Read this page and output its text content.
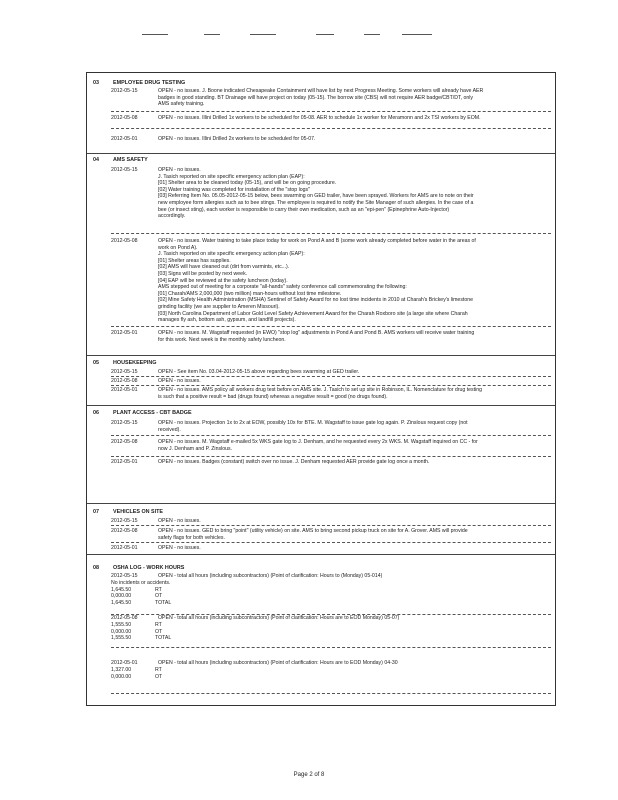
03	EMPLOYEE DRUG TESTING
2012-05-15	OPEN - no issues. J. Boone indicated Chesapeake Containment will have list by next Progress Meeting. Some workers will already have AER
badges in good standing. BT Drainage will have project on today (05-15). The borrow site (CBS) will not require AER badge/CBT/DT, only
AMS safety training.
2012-05-08	OPEN - no issues. Illini Drilled 1x workers to be scheduled for 05-08. AER to schedule 1x worker for Meramonn and 2x TSI workers by EOM.
2012-05-01	OPEN - no issues. Illini Drilled 2x workers to be scheduled for 05-07.
04	AMS SAFETY
2012-05-15	OPEN - no issues.
J. Tasich reported on site specific emergency action plan (EAP):
[01] Shelter area to be cleaned today (05-15), and will be on going procedure.
[02] Water training was completed for installation of the "stop logs"
[03] Referring Item No. 05.05-2012-05-15 below, bees swarming on GED trailer, have been sprayed. Workers for AMS are to note on their
new employee form allergies such as to bee stings. The employee is required to notify the Site Manager of such allergies. In the case of a
bee (or insect sting), each worker is responsible to carry their own medication, such as an "epi-pen" (Epinephrine Auto-Injector)
accordingly.
2012-05-08	OPEN - no issues. Water training to take place today for work on Pond A and B (some work already completed before water in the areas of
work on Pond A).
J. Tasich reported on site specific emergency action plan (EAP):
[01] Shelter areas has supplies.
[02] AMS will have cleaned out (dirt from varmints, etc...).
[03] Signs will be posted by next week.
[04] EAP will be reviewed at the safety luncheon (today).
AMS stepped out of meeting for a corporate "all-hands" safety conference call commemorating the following:
[01] Charah/AMS 2,000,000 (two million) man-hours without lost time milestone.
[02] Mine Safety Health Administration (MSHA) Sentinel of Safety Award for no lost time incidents in 2010 at Charah's Brickey's limestone
grinding facility (we are supplier to Ameren Missouri).
[03] North Carolina Department of Labor Gold Level Safety Achievement Award for the Charah Roxboro site (a large site where Charah
manages fly ash, bottom ash, gypsum, and landfill projects).
2012-05-01	OPEN - no issues. M. Wagstaff requested (in EWO) "stop log" adjustments in Pond A and Pond B. AMS workers will receive water training
for this work. Next week is the monthly safety luncheon.
05	HOUSEKEEPING
2012-05-15	OPEN - See item No. 03.04-2012-05-15 above regarding bees swarming at GED trailer.
2012-05-08	OPEN - no issues.
2012-05-01	OPEN - no issues. AMS policy all workers drug test before on AMS site. J. Tasich to set up site in Robinson, IL. Nomenclature for drug testing
is such that a positive result = bad (drugs found) whereas a negative result = good (no drugs found).
06	PLANT ACCESS - CBT BADGE
2012-05-15	OPEN - no issues. Projection 1x to 2x at EOW, possibly 10x for BTE. M. Wagstaff to issue gate log again. P. Zinslous request copy (not
received).
2012-05-08	OPEN - no issues. M. Wagstaff e-mailed 5x WKS gate log to J. Denham, and he requested every 2x WKS. M. Wagstaff inquired on CC - for
now J. Denham and P. Zinslous.
2012-05-01	OPEN - no issues. Badges (constant) switch over no issue. J. Denham requested AER provide gate log once a month.
07	VEHICLES ON SITE
2012-05-15	OPEN - no issues.
2012-05-08	OPEN - no issues. GED to bring "point" (utility vehicle) on site. AMS to bring second pickup truck on site for A. Grover. AMS will provide
safety flags for both vehicles.
2012-05-01	OPEN - no issues.
08	OSHA LOG - WORK HOURS
2012-05-15	OPEN - total all hours (including subcontractors) (Point of clarification: Hours to (Monday) 05-014)
No incidents or accidents.
1,645.50	RT
0,000.00	OT
1,645.50	TOTAL
2012-05-08	OPEN - total all hours (including subcontractors) (Point of clarification: Hours are to EOD Monday) 05-07)
1,555.50	RT
0,000.00	OT
1,555.50	TOTAL
2012-05-01	OPEN - total all hours (including subcontractors) (Point of clarification: Hours are to EOD Monday) 04-30
1,327.00	RT
0,000.00	OT
Page 2 of 8
